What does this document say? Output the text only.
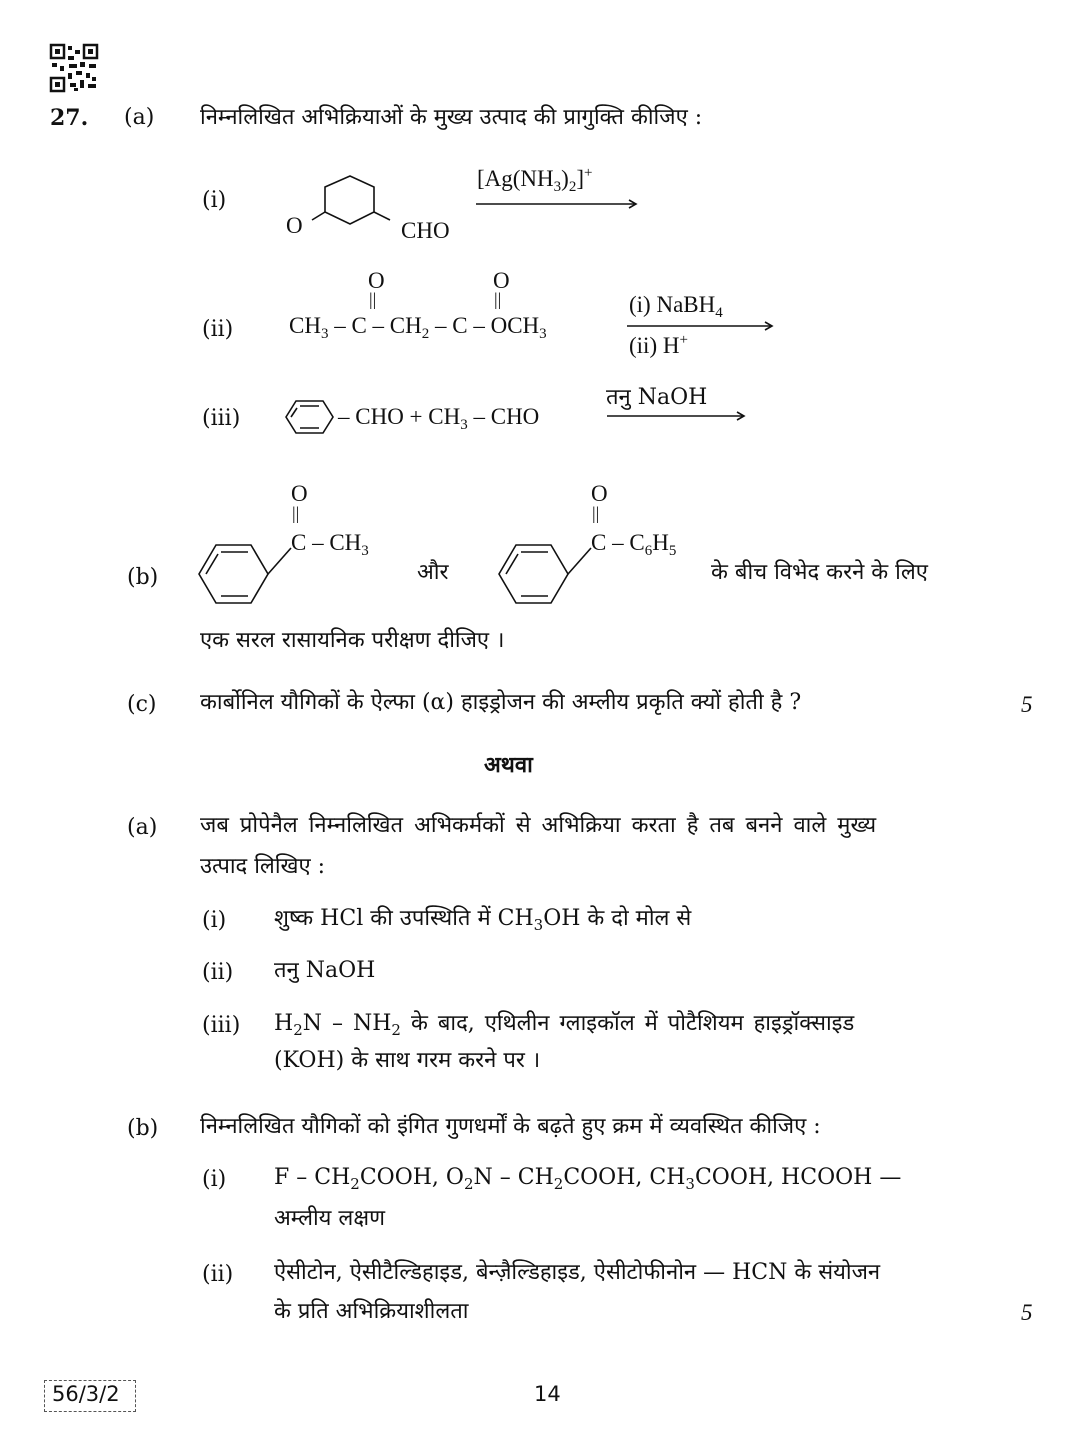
27. (a) निम्नलिखित अभिक्रियाओं के मुख्य उत्पाद की प्रागुक्ति कीजिए :
(i)
O	CHO
$[Ag(NH_3)_2]^+$
O
||
O
||
(ii) $CH_3$ – C – $CH_2$ – C – $OCH_3$
(i) NaBH$_4$
(ii) H+
(iii)	– CHO + $CH_3$ – CHO
तनु NaOH
(b)
O
||
C – $CH_3$
और
O
||
C – $C_6H_5$
के बीच विभेद करने के लिए
एक सरल रासायनिक परीक्षण दीजिए ।
(c) कार्बोनिल यौगिकों के ऐल्फा (α) हाइड्रोजन की अम्लीय प्रकृति क्यों होती है ?	5
अथवा
(a) जब प्रोपेनैल निम्नलिखित अभिकर्मकों से अभिक्रिया करता है तब बनने वाले मुख्य
उत्पाद लिखिए :
(i) शुष्क HCl की उपस्थिति में $CH_3OH$ के दो मोल से
(ii) तनु NaOH
(iii) $H_2N - NH_2$ के बाद, एथिलीन ग्लाइकॉल में पोटैशियम हाइड्रॉक्साइड
(KOH) के साथ गरम करने पर ।
(b) निम्नलिखित यौगिकों को इंगित गुणधर्मों के बढ़ते हुए क्रम में व्यवस्थित कीजिए :
(i) F – $CH_2COOH$, $O_2N$ – $CH_2COOH$, $CH_3COOH$, HCOOH —
अम्लीय लक्षण
(ii) ऐसीटोन, ऐसीटैल्डिहाइड, बेन्ज़ैल्डिहाइड, ऐसीटोफीनोन — HCN के संयोजन
के प्रति अभिक्रियाशीलता	5
56/3/2	14
